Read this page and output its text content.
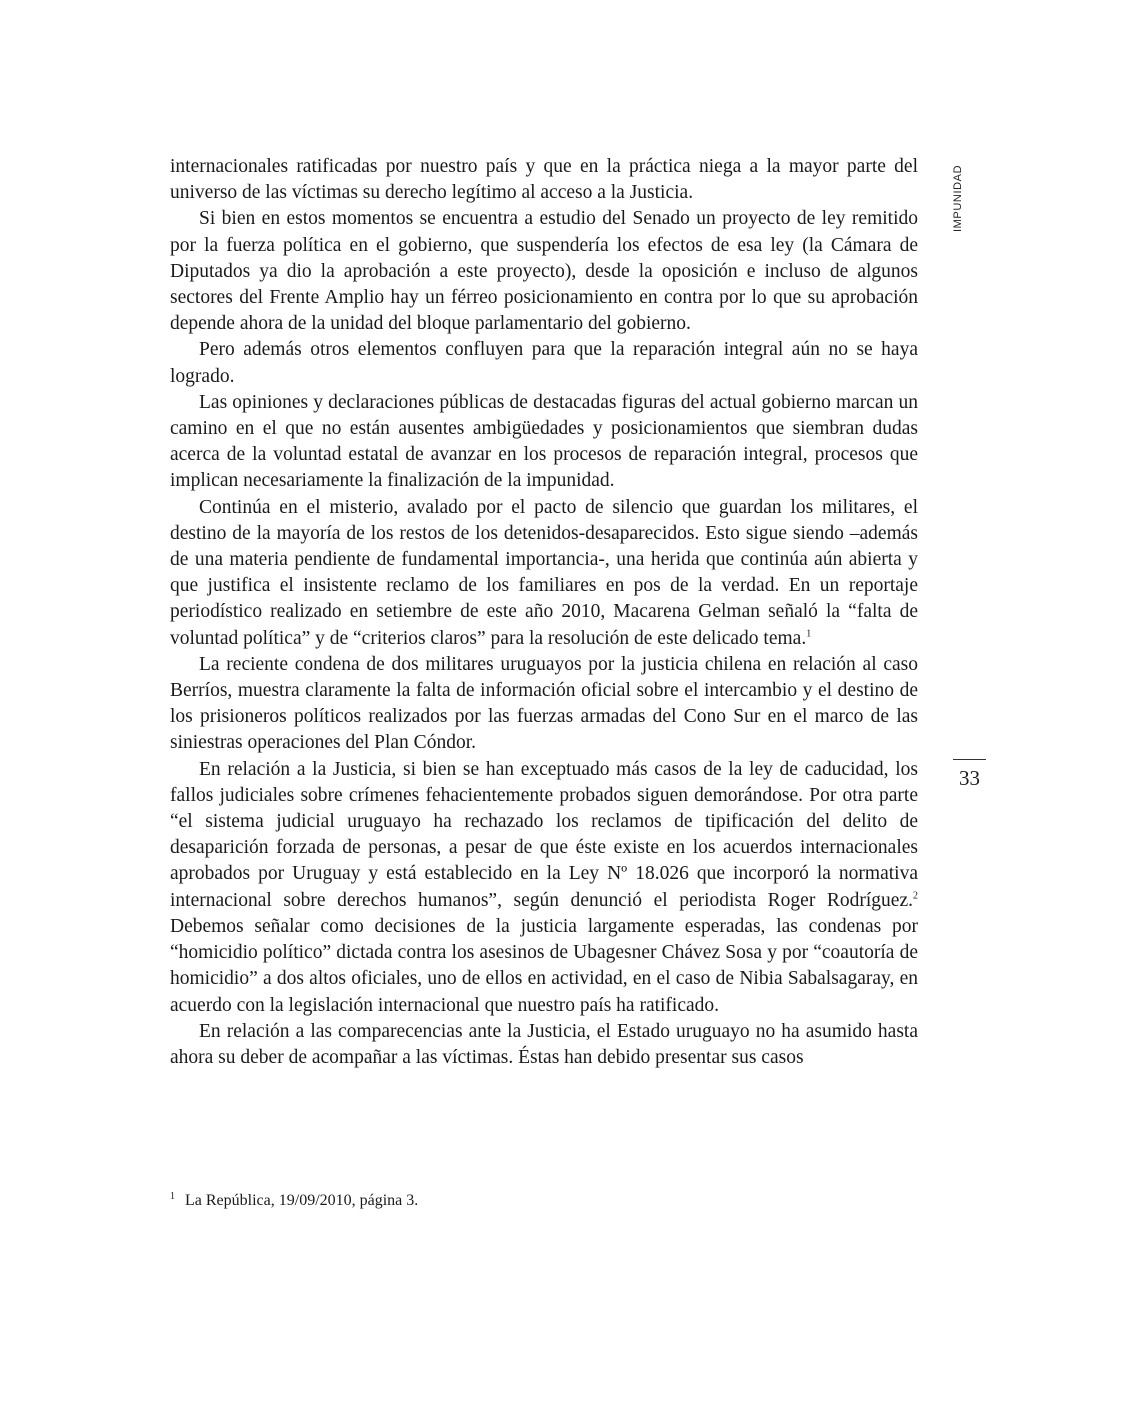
IMPUNIDAD
33

internacionales ratificadas por nuestro país y que en la práctica niega a la mayor parte del universo de las víctimas su derecho legítimo al acceso a la Justicia.

Si bien en estos momentos se encuentra a estudio del Senado un proyecto de ley remitido por la fuerza política en el gobierno, que suspendería los efectos de esa ley (la Cámara de Diputados ya dio la aprobación a este proyecto), desde la oposición e incluso de algunos sectores del Frente Amplio hay un férreo posicionamiento en contra por lo que su aprobación depende ahora de la unidad del bloque parlamentario del gobierno.

Pero además otros elementos confluyen para que la reparación integral aún no se haya logrado.

Las opiniones y declaraciones públicas de destacadas figuras del actual gobierno marcan un camino en el que no están ausentes ambigüedades y posicionamientos que siembran dudas acerca de la voluntad estatal de avanzar en los procesos de reparación integral, procesos que implican necesariamente la finalización de la impunidad.

Continúa en el misterio, avalado por el pacto de silencio que guardan los militares, el destino de la mayoría de los restos de los detenidos-desaparecidos. Esto sigue siendo –además de una materia pendiente de fundamental importancia-, una herida que continúa aún abierta y que justifica el insistente reclamo de los familiares en pos de la verdad. En un reportaje periodístico realizado en setiembre de este año 2010, Macarena Gelman señaló la “falta de voluntad política” y de “criterios claros” para la resolución de este delicado tema.$^1$

La reciente condena de dos militares uruguayos por la justicia chilena en relación al caso Berríos, muestra claramente la falta de información oficial sobre el intercambio y el destino de los prisioneros políticos realizados por las fuerzas armadas del Cono Sur en el marco de las siniestras operaciones del Plan Cóndor.

En relación a la Justicia, si bien se han exceptuado más casos de la ley de caducidad, los fallos judiciales sobre crímenes fehacientemente probados siguen demorándose. Por otra parte “el sistema judicial uruguayo ha rechazado los reclamos de tipificación del delito de desaparición forzada de personas, a pesar de que éste existe en los acuerdos internacionales aprobados por Uruguay y está establecido en la Ley Nº 18.026 que incorporó la normativa internacional sobre derechos humanos”, según denunció el periodista Roger Rodríguez.$^2$ Debemos señalar como decisiones de la justicia largamente esperadas, las condenas por “homicidio político” dictada contra los asesinos de Ubagesner Chávez Sosa y por “coautoría de homicidio” a dos altos oficiales, uno de ellos en actividad, en el caso de Nibia Sabalsagaray, en acuerdo con la legislación internacional que nuestro país ha ratificado.

En relación a las comparecencias ante la Justicia, el Estado uruguayo no ha asumido hasta ahora su deber de acompañar a las víctimas. Éstas han debido presentar sus casos

$^1$ La República, 19/09/2010, página 3.
